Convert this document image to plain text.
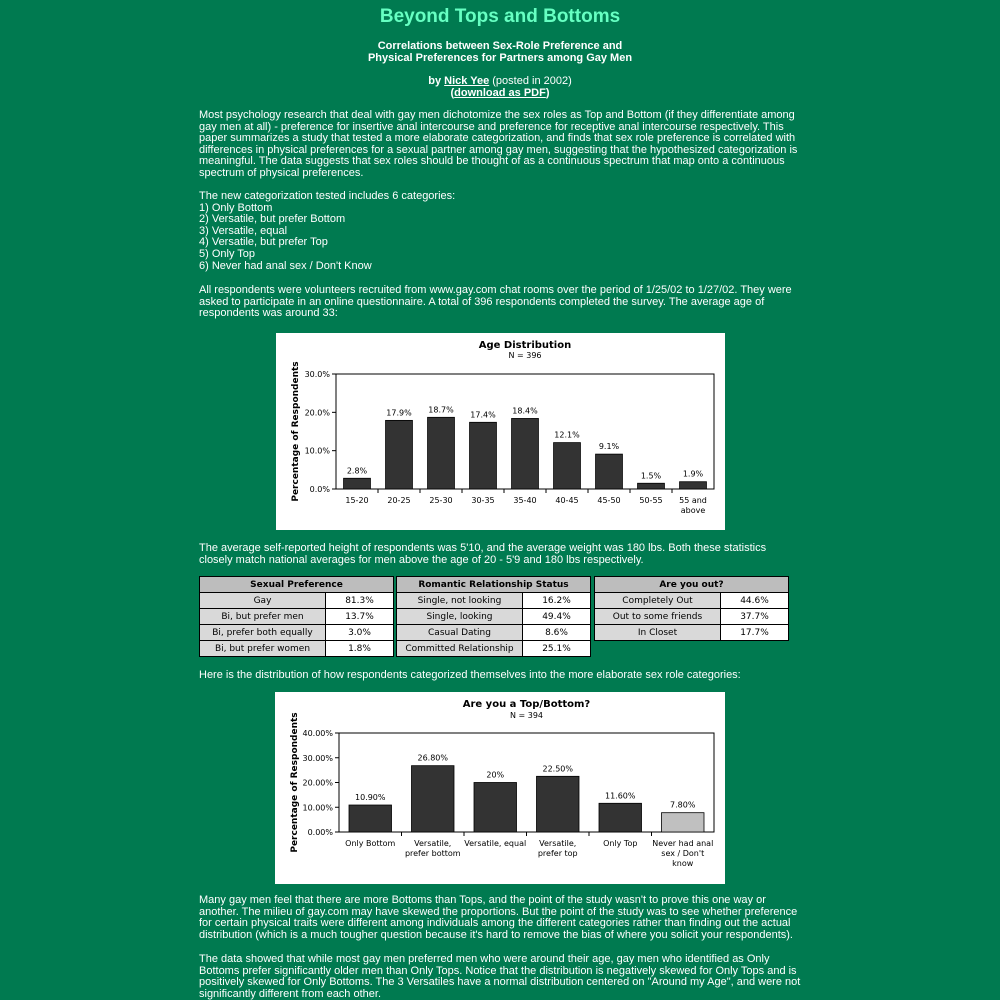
Beyond Tops and Bottoms
Correlations between Sex-Role Preference and
Physical Preferences for Partners among Gay Men
by Nick Yee (posted in 2002)
(download as PDF)

Most psychology research that deal with gay men dichotomize the sex roles as Top and Bottom (if they differentiate among gay men at all) - preference for insertive anal intercourse and preference for receptive anal intercourse respectively. This paper summarizes a study that tested a more elaborate categorization, and finds that sex role preference is correlated with differences in physical preferences for a sexual partner among gay men, suggesting that the hypothesized categorization is meaningful. The data suggests that sex roles should be thought of as a continuous spectrum that map onto a continuous spectrum of physical preferences.

The new categorization tested includes 6 categories:
1) Only Bottom
2) Versatile, but prefer Bottom
3) Versatile, equal
4) Versatile, but prefer Top
5) Only Top
6) Never had anal sex / Don't Know

All respondents were volunteers recruited from www.gay.com chat rooms over the period of 1/25/02 to 1/27/02. They were asked to participate in an online questionnaire. A total of 396 respondents completed the survey. The average age of respondents was around 33:

Age Distribution
N = 396
Percentage of Respondents 0.0%
10.0%
20.0%
30.0%
2.8%
15-20
17.9%
20-25
18.7%
25-30
17.4%
30-35
18.4%
35-40
12.1%
40-45
9.1%
45-50
1.5%
50-55
1.9%
55 and
above

The average self-reported height of respondents was 5'10, and the average weight was 180 lbs. Both these statistics closely match national averages for men above the age of 20 - 5'9 and 180 lbs respectively.

Sexual Preference	
Gay	81.3%
Bi, but prefer men	13.7%
Bi, prefer both equally	3.0%
Bi, but prefer women	1.8%
Romantic Relationship Status	
Single, not looking	16.2%
Single, looking	49.4%
Casual Dating	8.6%
Committed Relationship	25.1%
Are you out?	
Completely Out	44.6%
Out to some friends	37.7%
In Closet	17.7%

Here is the distribution of how respondents categorized themselves into the more elaborate sex role categories:

Are you a Top/Bottom?
N = 394
Percentage of Respondents 0.00%
10.00%
20.00%
30.00%
40.00%
10.90%
Only Bottom
26.80%
Versatile,
prefer bottom
20%
Versatile, equal
22.50%
Versatile,
prefer top
11.60%
Only Top
7.80%
Never had anal
sex / Don't
know

Many gay men feel that there are more Bottoms than Tops, and the point of the study wasn't to prove this one way or another. The milieu of gay.com may have skewed the proportions. But the point of the study was to see whether preference for certain physical traits were different among individuals among the different categories rather than finding out the actual distribution (which is a much tougher question because it's hard to remove the bias of where you solicit your respondents).

The data showed that while most gay men preferred men who were around their age, gay men who identified as Only Bottoms prefer significantly older men than Only Tops. Notice that the distribution is negatively skewed for Only Tops and is positively skewed for Only Bottoms. The 3 Versatiles have a normal distribution centered on "Around my Age", and were not significantly different from each other.
